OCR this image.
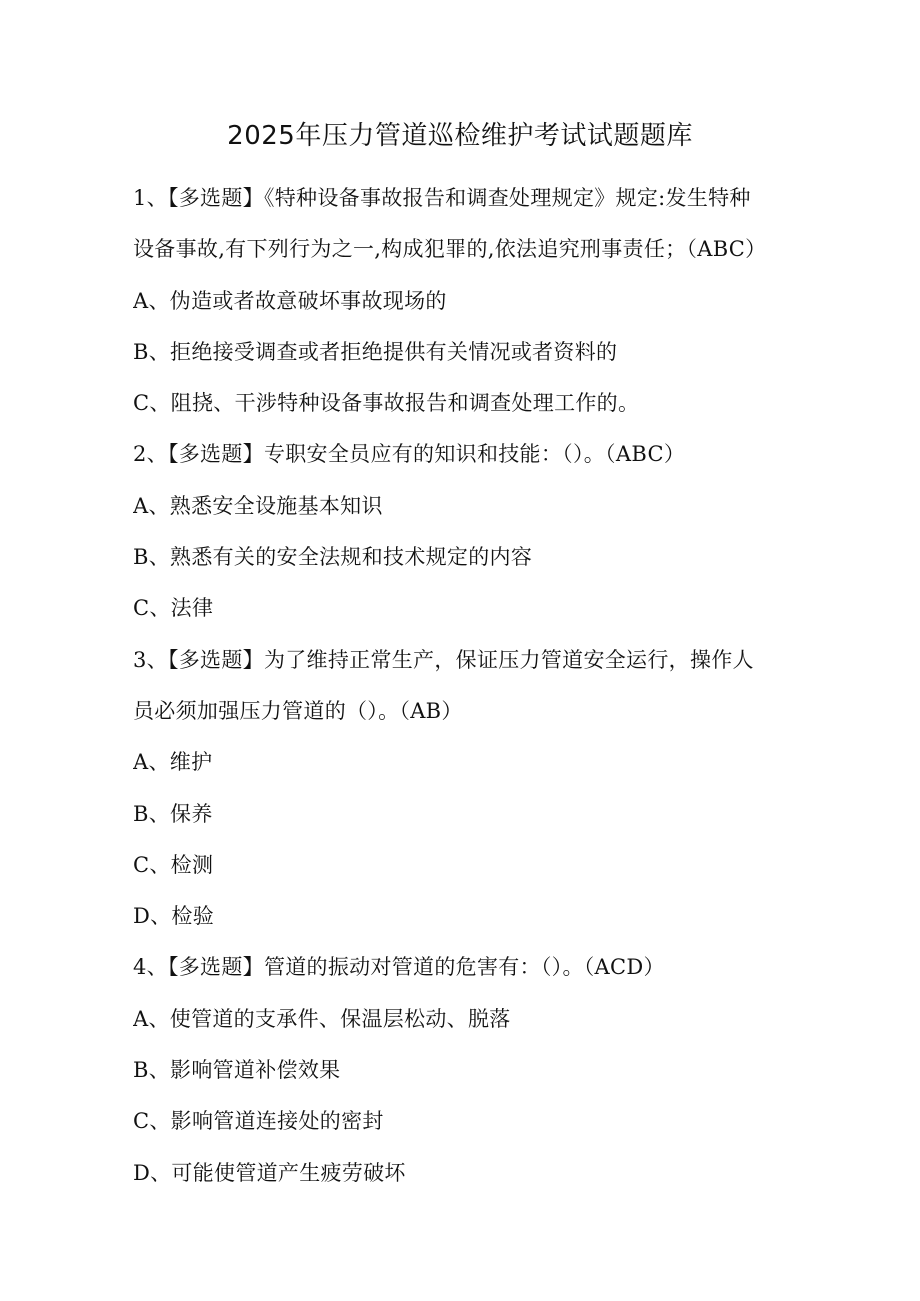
2025年压力管道巡检维护考试试题题库
1、【多选题】《特种设备事故报告和调查处理规定》规定:发生特种
设备事故,有下列行为之一,构成犯罪的,依法追究刑事责任；（ABC）
A、伪造或者故意破坏事故现场的
B、拒绝接受调查或者拒绝提供有关情况或者资料的
C、阻挠、干涉特种设备事故报告和调查处理工作的。
2、【多选题】专职安全员应有的知识和技能：（）。（ABC）
A、熟悉安全设施基本知识
B、熟悉有关的安全法规和技术规定的内容
C、法律
3、【多选题】为了维持正常生产，保证压力管道安全运行，操作人
员必须加强压力管道的（）。（AB）
A、维护
B、保养
C、检测
D、检验
4、【多选题】管道的振动对管道的危害有：（）。（ACD）
A、使管道的支承件、保温层松动、脱落
B、影响管道补偿效果
C、影响管道连接处的密封
D、可能使管道产生疲劳破坏
